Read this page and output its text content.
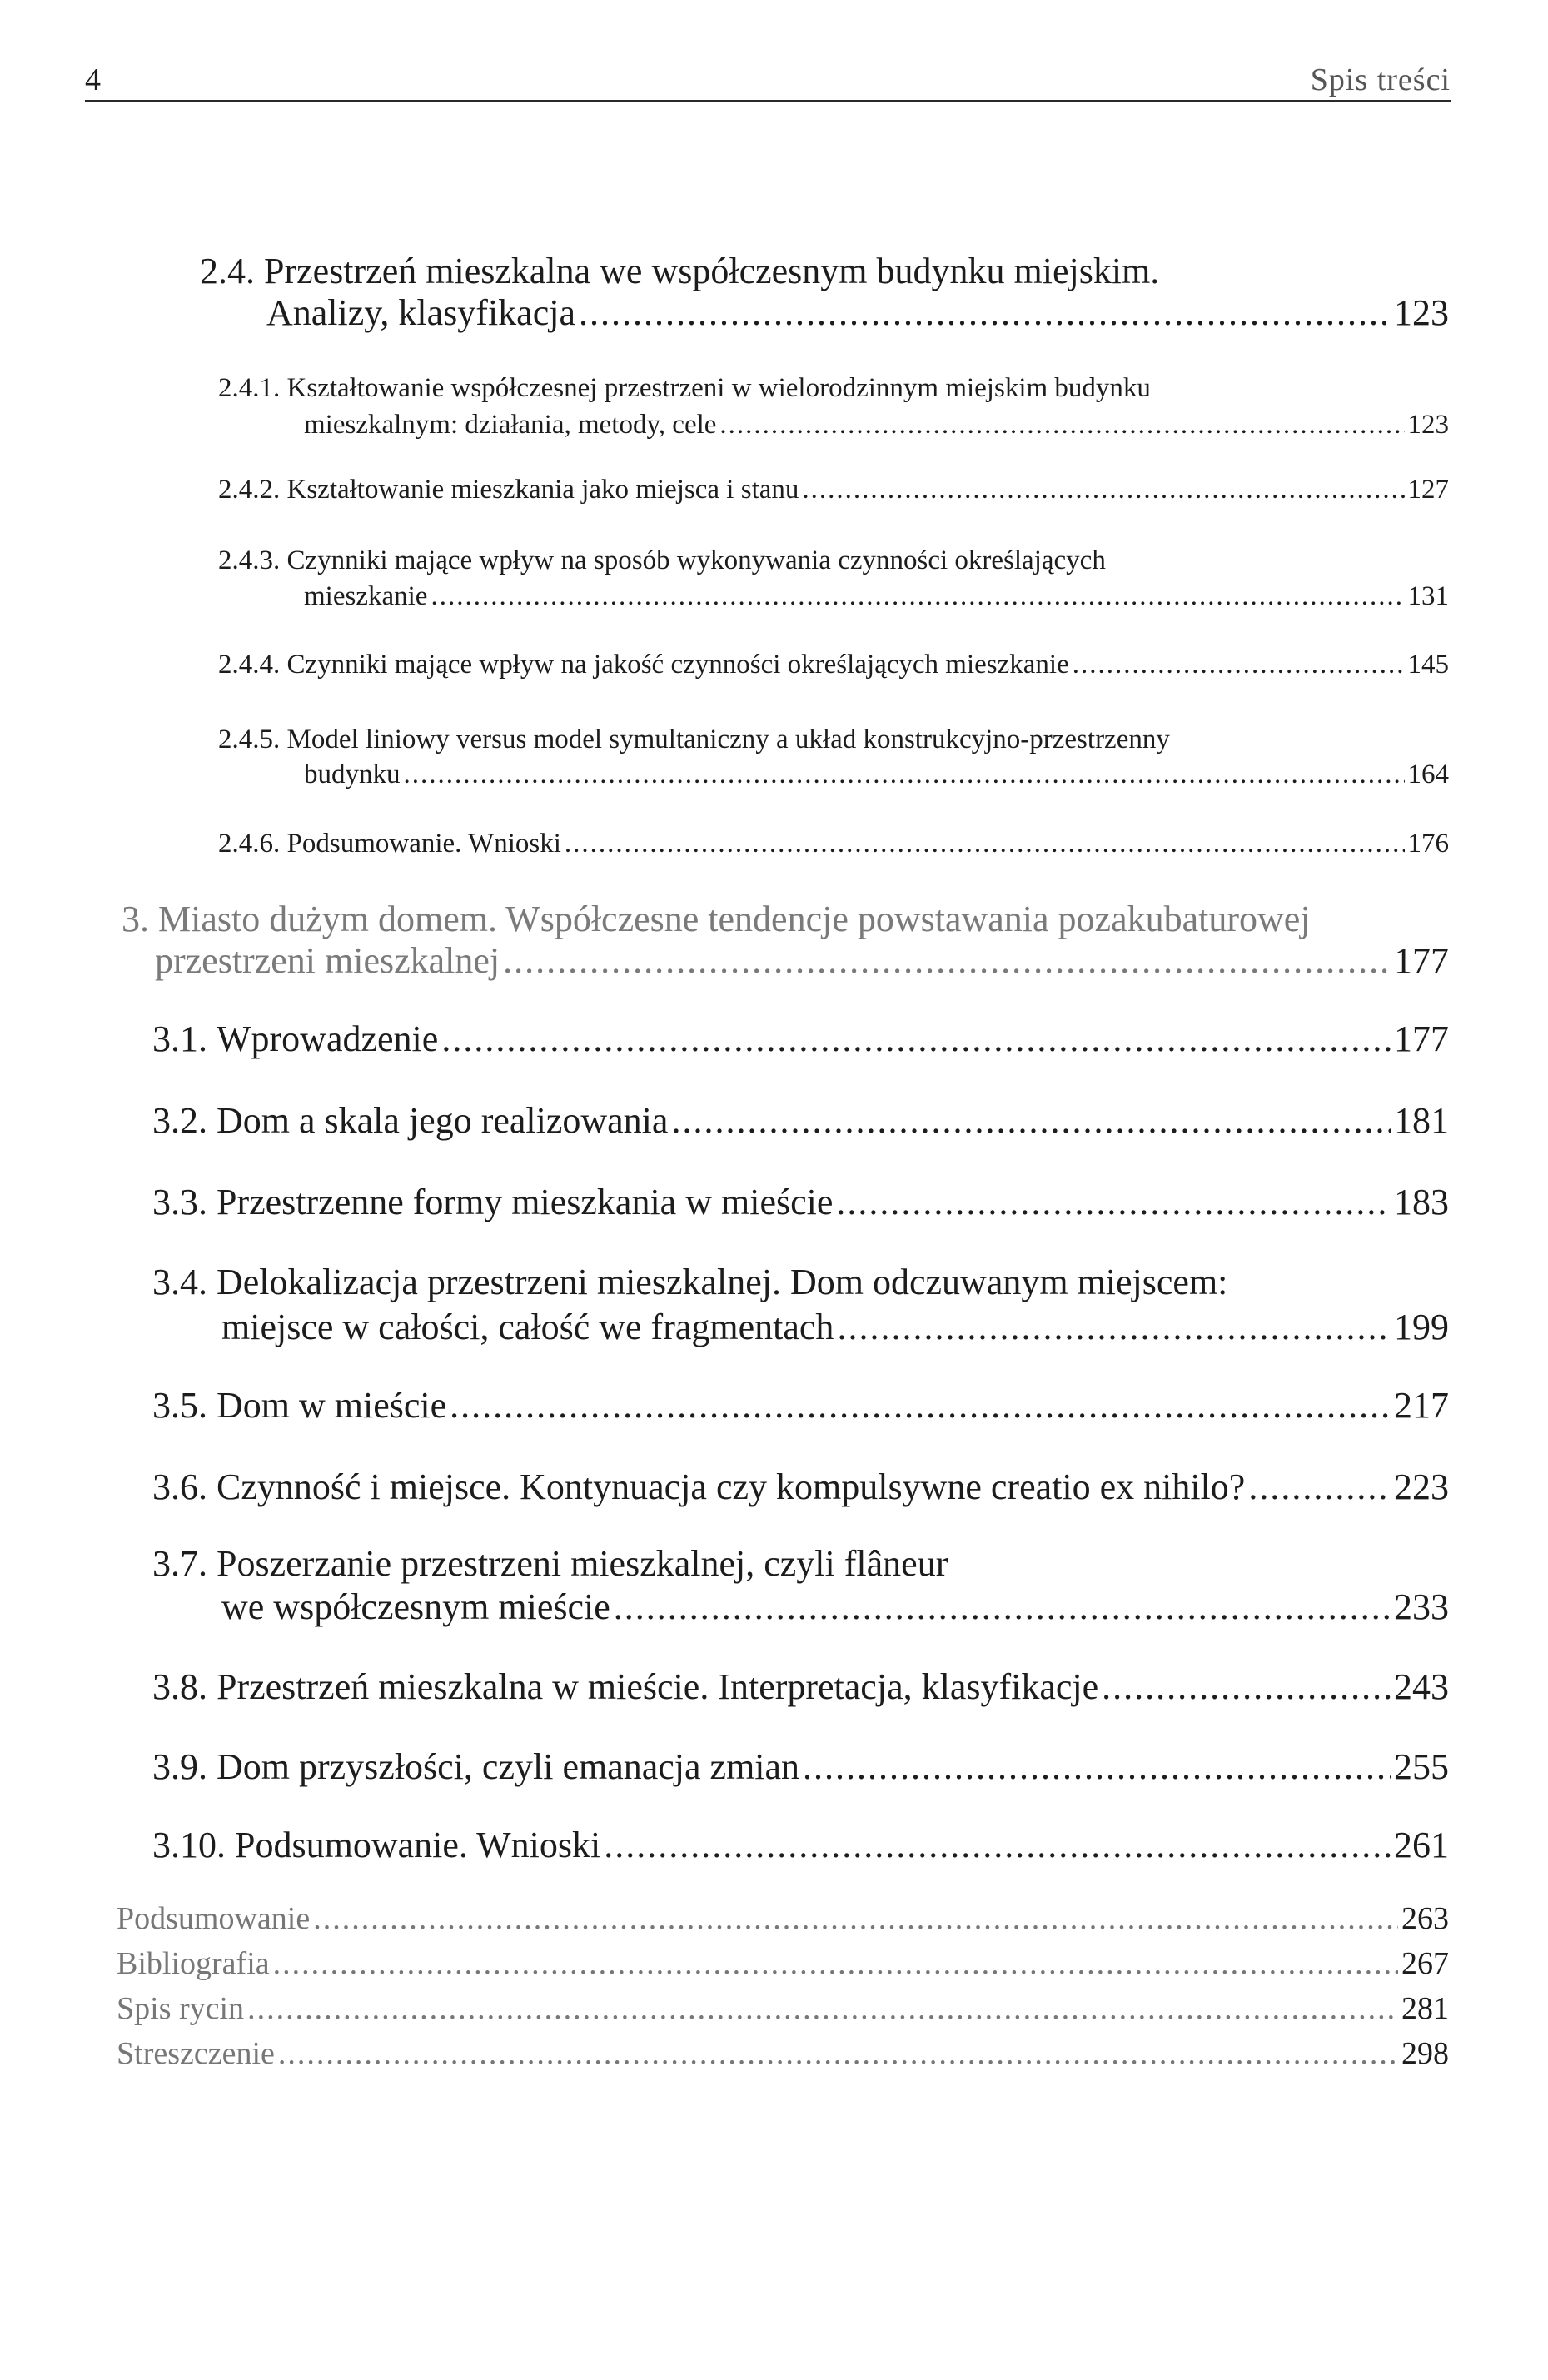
4	Spis treści
2.4. Przestrzeń mieszkalna we współczesnym budynku miejskim.
Analizy, klasyfikacja .....	123
2.4.1. Kształtowanie współczesnej przestrzeni w wielorodzinnym miejskim budynku
mieszkalnym: działania, metody, cele .....	123
2.4.2.
Kształtowanie mieszkania jako miejsca i stanu .....	127
2.4.3. Czynniki mające wpływ na sposób wykonywania czynności określających
mieszkanie .....	131
2.4.4.
Czynniki mające wpływ na jakość czynności określających mieszkanie .....	145
2.4.5. Model liniowy versus model symultaniczny a układ konstrukcyjno-przestrzenny
budynku .....	164
2.4.6.
Podsumowanie. Wnioski .....	176
3. Miasto dużym domem. Współczesne tendencje powstawania pozakubaturowej
przestrzeni mieszkalnej .....	177
3.1.
Wprowadzenie .....	177
3.2.
Dom a skala jego realizowania .....	181
3.3.
Przestrzenne formy mieszkania w mieście .....	183
3.4. Delokalizacja przestrzeni mieszkalnej. Dom odczuwanym miejscem:
miejsce w całości, całość we fragmentach .....	199
3.5.
Dom w mieście .....	217
3.6.
Czynność i miejsce. Kontynuacja czy kompulsywne creatio ex nihilo? .....	223
3.7. Poszerzanie przestrzeni mieszkalnej, czyli flâneur
we współczesnym mieście .....	233
3.8.
Przestrzeń mieszkalna w mieście. Interpretacja, klasyfikacje .....	243
3.9.
Dom przyszłości, czyli emanacja zmian .....	255
3.10.
Podsumowanie. Wnioski .....	261
Podsumowanie .....	263
Bibliografia .....	267
Spis rycin .....	281
Streszczenie .....	298
